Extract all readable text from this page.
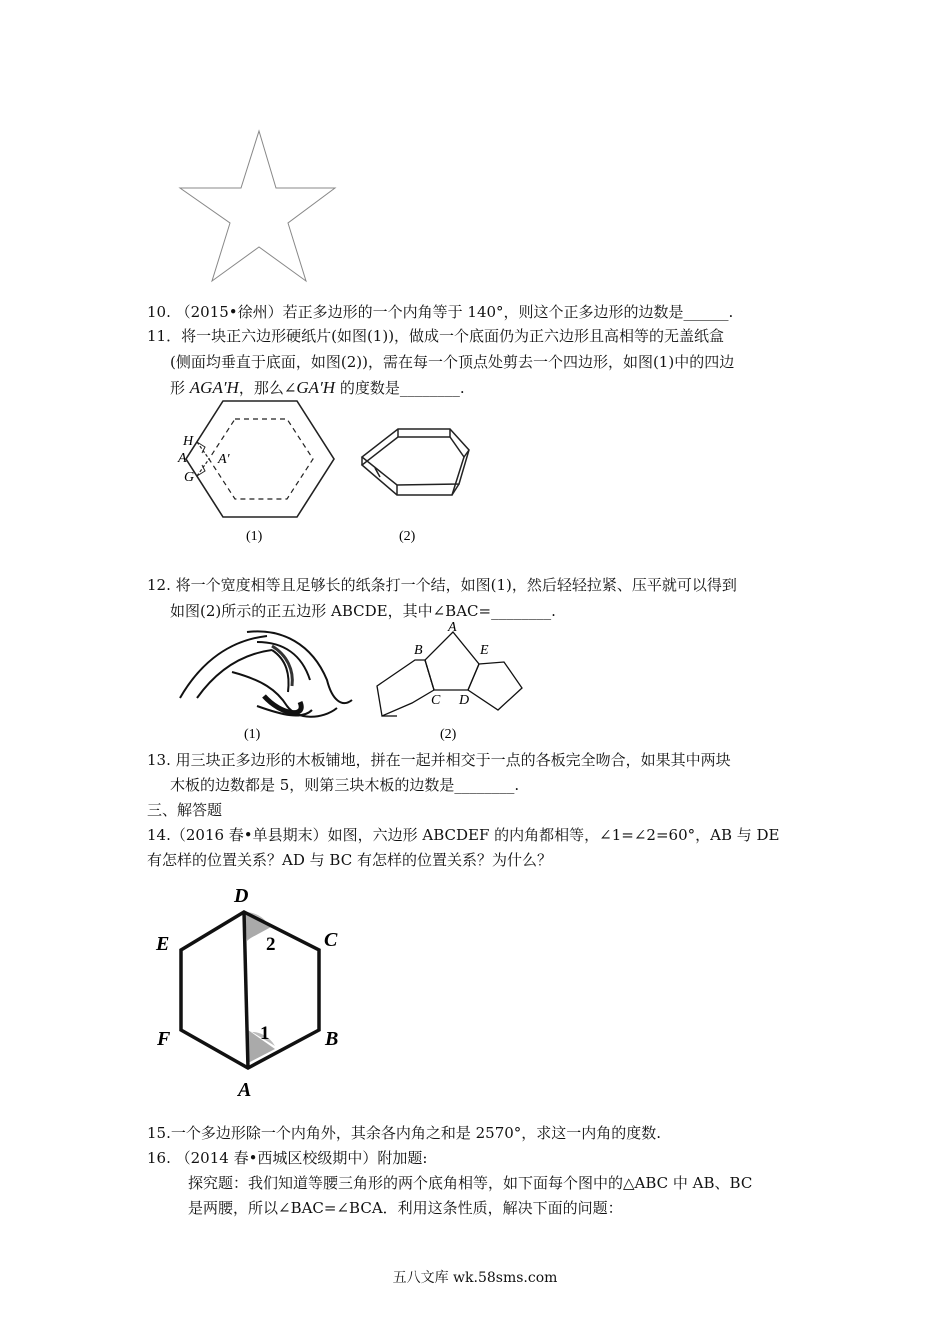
10. （2015•徐州）若正多边形的一个内角等于 140°，则这个正多边形的边数是______.
11．将一块正六边形硬纸片(如图(1))，做成一个底面仍为正六边形且高相等的无盖纸盒
(侧面均垂直于底面，如图(2))，需在每一个顶点处剪去一个四边形，如图(1)中的四边
形 AGA′H，那么∠GA′H 的度数是________.
H
A A′
G
(1)	(2)
12. 将一个宽度相等且足够长的纸条打一个结，如图(1)，然后轻轻拉紧、压平就可以得到
如图(2)所示的正五边形 ABCDE，其中∠BAC=________.
(1)
A
B
C D
E
(2)
13. 用三块正多边形的木板铺地，拼在一起并相交于一点的各板完全吻合，如果其中两块
木板的边数都是 5，则第三块木板的边数是________.
三、解答题
14.（2016 春•单县期末）如图，六边形 ABCDEF 的内角都相等，∠1=∠2=60°，AB 与 DE
有怎样的位置关系？AD 与 BC 有怎样的位置关系？为什么？
D
C
E
F	B
A
2
1
15.一个多边形除一个内角外，其余各内角之和是 2570°，求这一内角的度数.
16. （2014 春•西城区校级期中）附加题:
探究题：我们知道等腰三角形的两个底角相等，如下面每个图中的△ABC 中 AB、BC
是两腰，所以∠BAC=∠BCA．利用这条性质，解决下面的问题：
五八文库 wk.58sms.com
